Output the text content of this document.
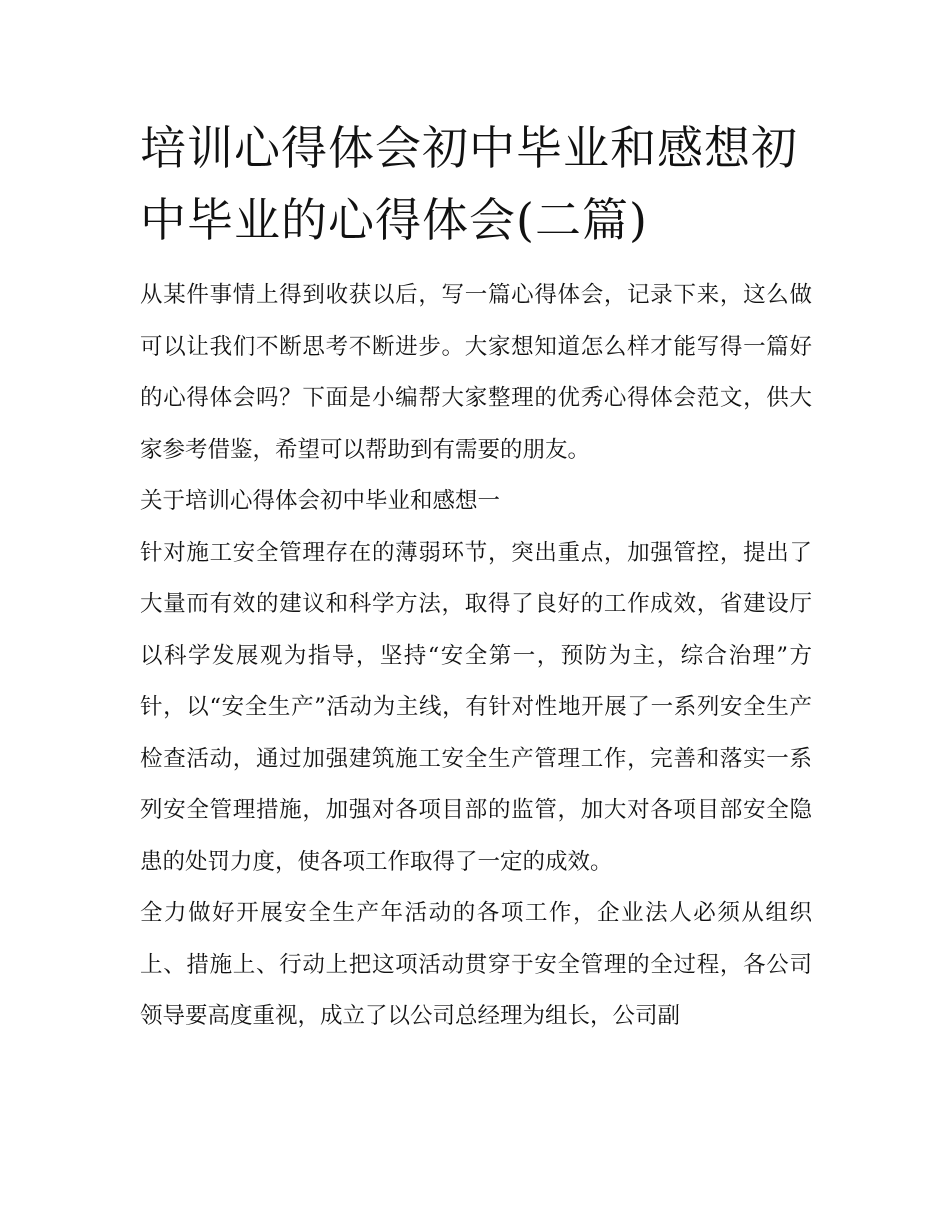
培训心得体会初中毕业和感想初中毕业的心得体会(二篇)

从某件事情上得到收获以后，写一篇心得体会，记录下来，这么做可以让我们不断思考不断进步。大家想知道怎么样才能写得一篇好的心得体会吗？下面是小编帮大家整理的优秀心得体会范文，供大家参考借鉴，希望可以帮助到有需要的朋友。

关于培训心得体会初中毕业和感想一

针对施工安全管理存在的薄弱环节，突出重点，加强管控，提出了大量而有效的建议和科学方法，取得了良好的工作成效，省建设厅以科学发展观为指导，坚持“安全第一，预防为主，综合治理”方针，以“安全生产”活动为主线，有针对性地开展了一系列安全生产检查活动，通过加强建筑施工安全生产管理工作，完善和落实一系列安全管理措施，加强对各项目部的监管，加大对各项目部安全隐患的处罚力度，使各项工作取得了一定的成效。

全力做好开展安全生产年活动的各项工作，企业法人必须从组织上、措施上、行动上把这项活动贯穿于安全管理的全过程，各公司领导要高度重视，成立了以公司总经理为组长，公司副
